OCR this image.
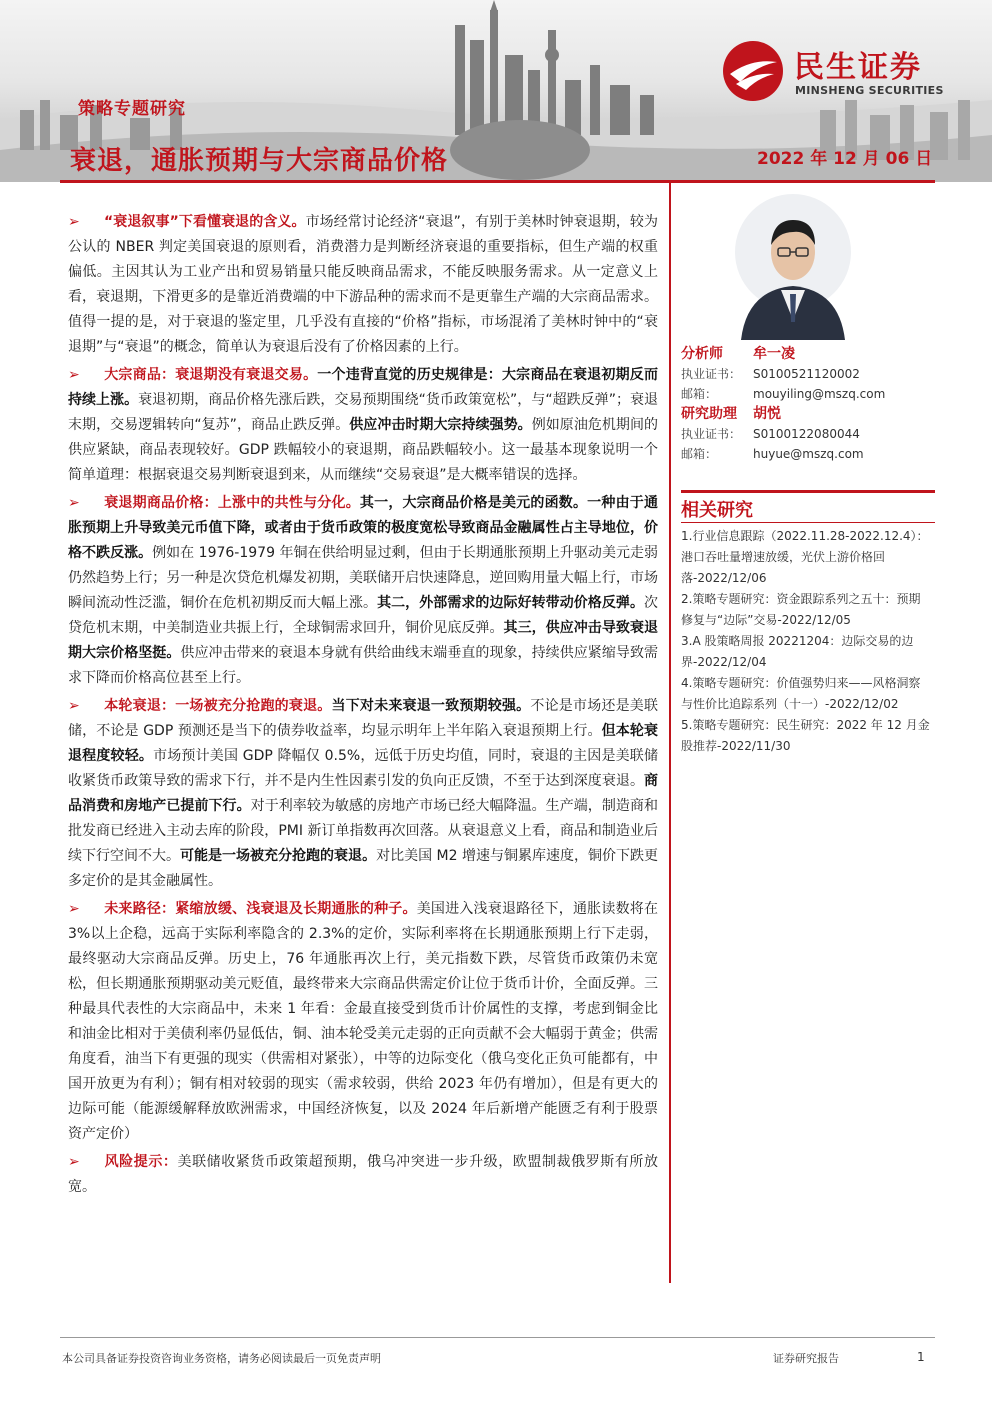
民生证券
MINSHENG SECURITIES
策略专题研究
衰退，通胀预期与大宗商品价格	2022 年 12 月 06 日
➢ “衰退叙事”下看懂衰退的含义。市场经常讨论经济“衰退”，有别于美林时钟衰退期，较为公认的 NBER 判定美国衰退的原则看，消费潜力是判断经济衰退的重要指标，但生产端的权重偏低。主因其认为工业产出和贸易销量只能反映商品需求，不能反映服务需求。从一定意义上看，衰退期，下滑更多的是靠近消费端的中下游品种的需求而不是更靠生产端的大宗商品需求。值得一提的是，对于衰退的鉴定里，几乎没有直接的“价格”指标，市场混淆了美林时钟中的“衰退期”与“衰退”的概念，简单认为衰退后没有了价格因素的上行。
➢ 大宗商品：衰退期没有衰退交易。一个违背直觉的历史规律是：大宗商品在衰退初期反而持续上涨。衰退初期，商品价格先涨后跌，交易预期围绕“货币政策宽松”，与“超跌反弹”；衰退末期，交易逻辑转向“复苏”，商品止跌反弹。供应冲击时期大宗持续强势。例如原油危机期间的供应紧缺，商品表现较好。GDP 跌幅较小的衰退期，商品跌幅较小。这一最基本现象说明一个简单道理：根据衰退交易判断衰退到来，从而继续“交易衰退”是大概率错误的选择。
➢ 衰退期商品价格：上涨中的共性与分化。其一，大宗商品价格是美元的函数。一种由于通胀预期上升导致美元币值下降，或者由于货币政策的极度宽松导致商品金融属性占主导地位，价格不跌反涨。例如在 1976-1979 年铜在供给明显过剩，但由于长期通胀预期上升驱动美元走弱仍然趋势上行；另一种是次贷危机爆发初期，美联储开启快速降息，逆回购用量大幅上行，市场瞬间流动性泛滥，铜价在危机初期反而大幅上涨。其二，外部需求的边际好转带动价格反弹。次贷危机末期，中美制造业共振上行，全球铜需求回升，铜价见底反弹。其三，供应冲击导致衰退期大宗价格坚挺。供应冲击带来的衰退本身就有供给曲线末端垂直的现象，持续供应紧缩导致需求下降而价格高位甚至上行。
➢ 本轮衰退：一场被充分抢跑的衰退。当下对未来衰退一致预期较强。不论是市场还是美联储，不论是 GDP 预测还是当下的债券收益率，均显示明年上半年陷入衰退预期上行。但本轮衰退程度较轻。市场预计美国 GDP 降幅仅 0.5%，远低于历史均值，同时，衰退的主因是美联储收紧货币政策导致的需求下行，并不是内生性因素引发的负向正反馈，不至于达到深度衰退。商品消费和房地产已提前下行。对于利率较为敏感的房地产市场已经大幅降温。生产端，制造商和批发商已经进入主动去库的阶段，PMI 新订单指数再次回落。从衰退意义上看，商品和制造业后续下行空间不大。可能是一场被充分抢跑的衰退。对比美国 M2 增速与铜累库速度，铜价下跌更多定价的是其金融属性。
➢ 未来路径：紧缩放缓、浅衰退及长期通胀的种子。美国进入浅衰退路径下，通胀读数将在 3%以上企稳，远高于实际利率隐含的 2.3%的定价，实际利率将在长期通胀预期上行下走弱，最终驱动大宗商品反弹。历史上，76 年通胀再次上行，美元指数下跌，尽管货币政策仍未宽松，但长期通胀预期驱动美元贬值，最终带来大宗商品供需定价让位于货币计价，全面反弹。三种最具代表性的大宗商品中，未来 1 年看：金最直接受到货币计价属性的支撑，考虑到铜金比和油金比相对于美债利率仍显低估，铜、油本轮受美元走弱的正向贡献不会大幅弱于黄金；供需角度看，油当下有更强的现实（供需相对紧张），中等的边际变化（俄乌变化正负可能都有，中国开放更为有利）；铜有相对较弱的现实（需求较弱，供给 2023 年仍有增加），但是有更大的边际可能（能源缓解释放欧洲需求，中国经济恢复，以及 2024 年后新增产能匮乏有利于股票资产定价）
➢ 风险提示：美联储收紧货币政策超预期，俄乌冲突进一步升级，欧盟制裁俄罗斯有所放宽。
分析师 牟一凌
执业证书： S0100521120002
邮箱：	mouyiling@mszq.com
研究助理 胡悦
执业证书： S0100122080044
邮箱：	huyue@mszq.com
相关研究
1.行业信息跟踪（2022.11.28-2022.12.4）：港口吞吐量增速放缓，光伏上游价格回落-2022/12/06
2.策略专题研究：资金跟踪系列之五十：预期修复与“边际”交易-2022/12/05
3.A 股策略周报 20221204：边际交易的边界-2022/12/04
4.策略专题研究：价值强势归来——风格洞察与性价比追踪系列（十一）-2022/12/02
5.策略专题研究：民生研究：2022 年 12 月金股推荐-2022/11/30
本公司具备证券投资咨询业务资格，请务必阅读最后一页免责声明	证券研究报告	1
